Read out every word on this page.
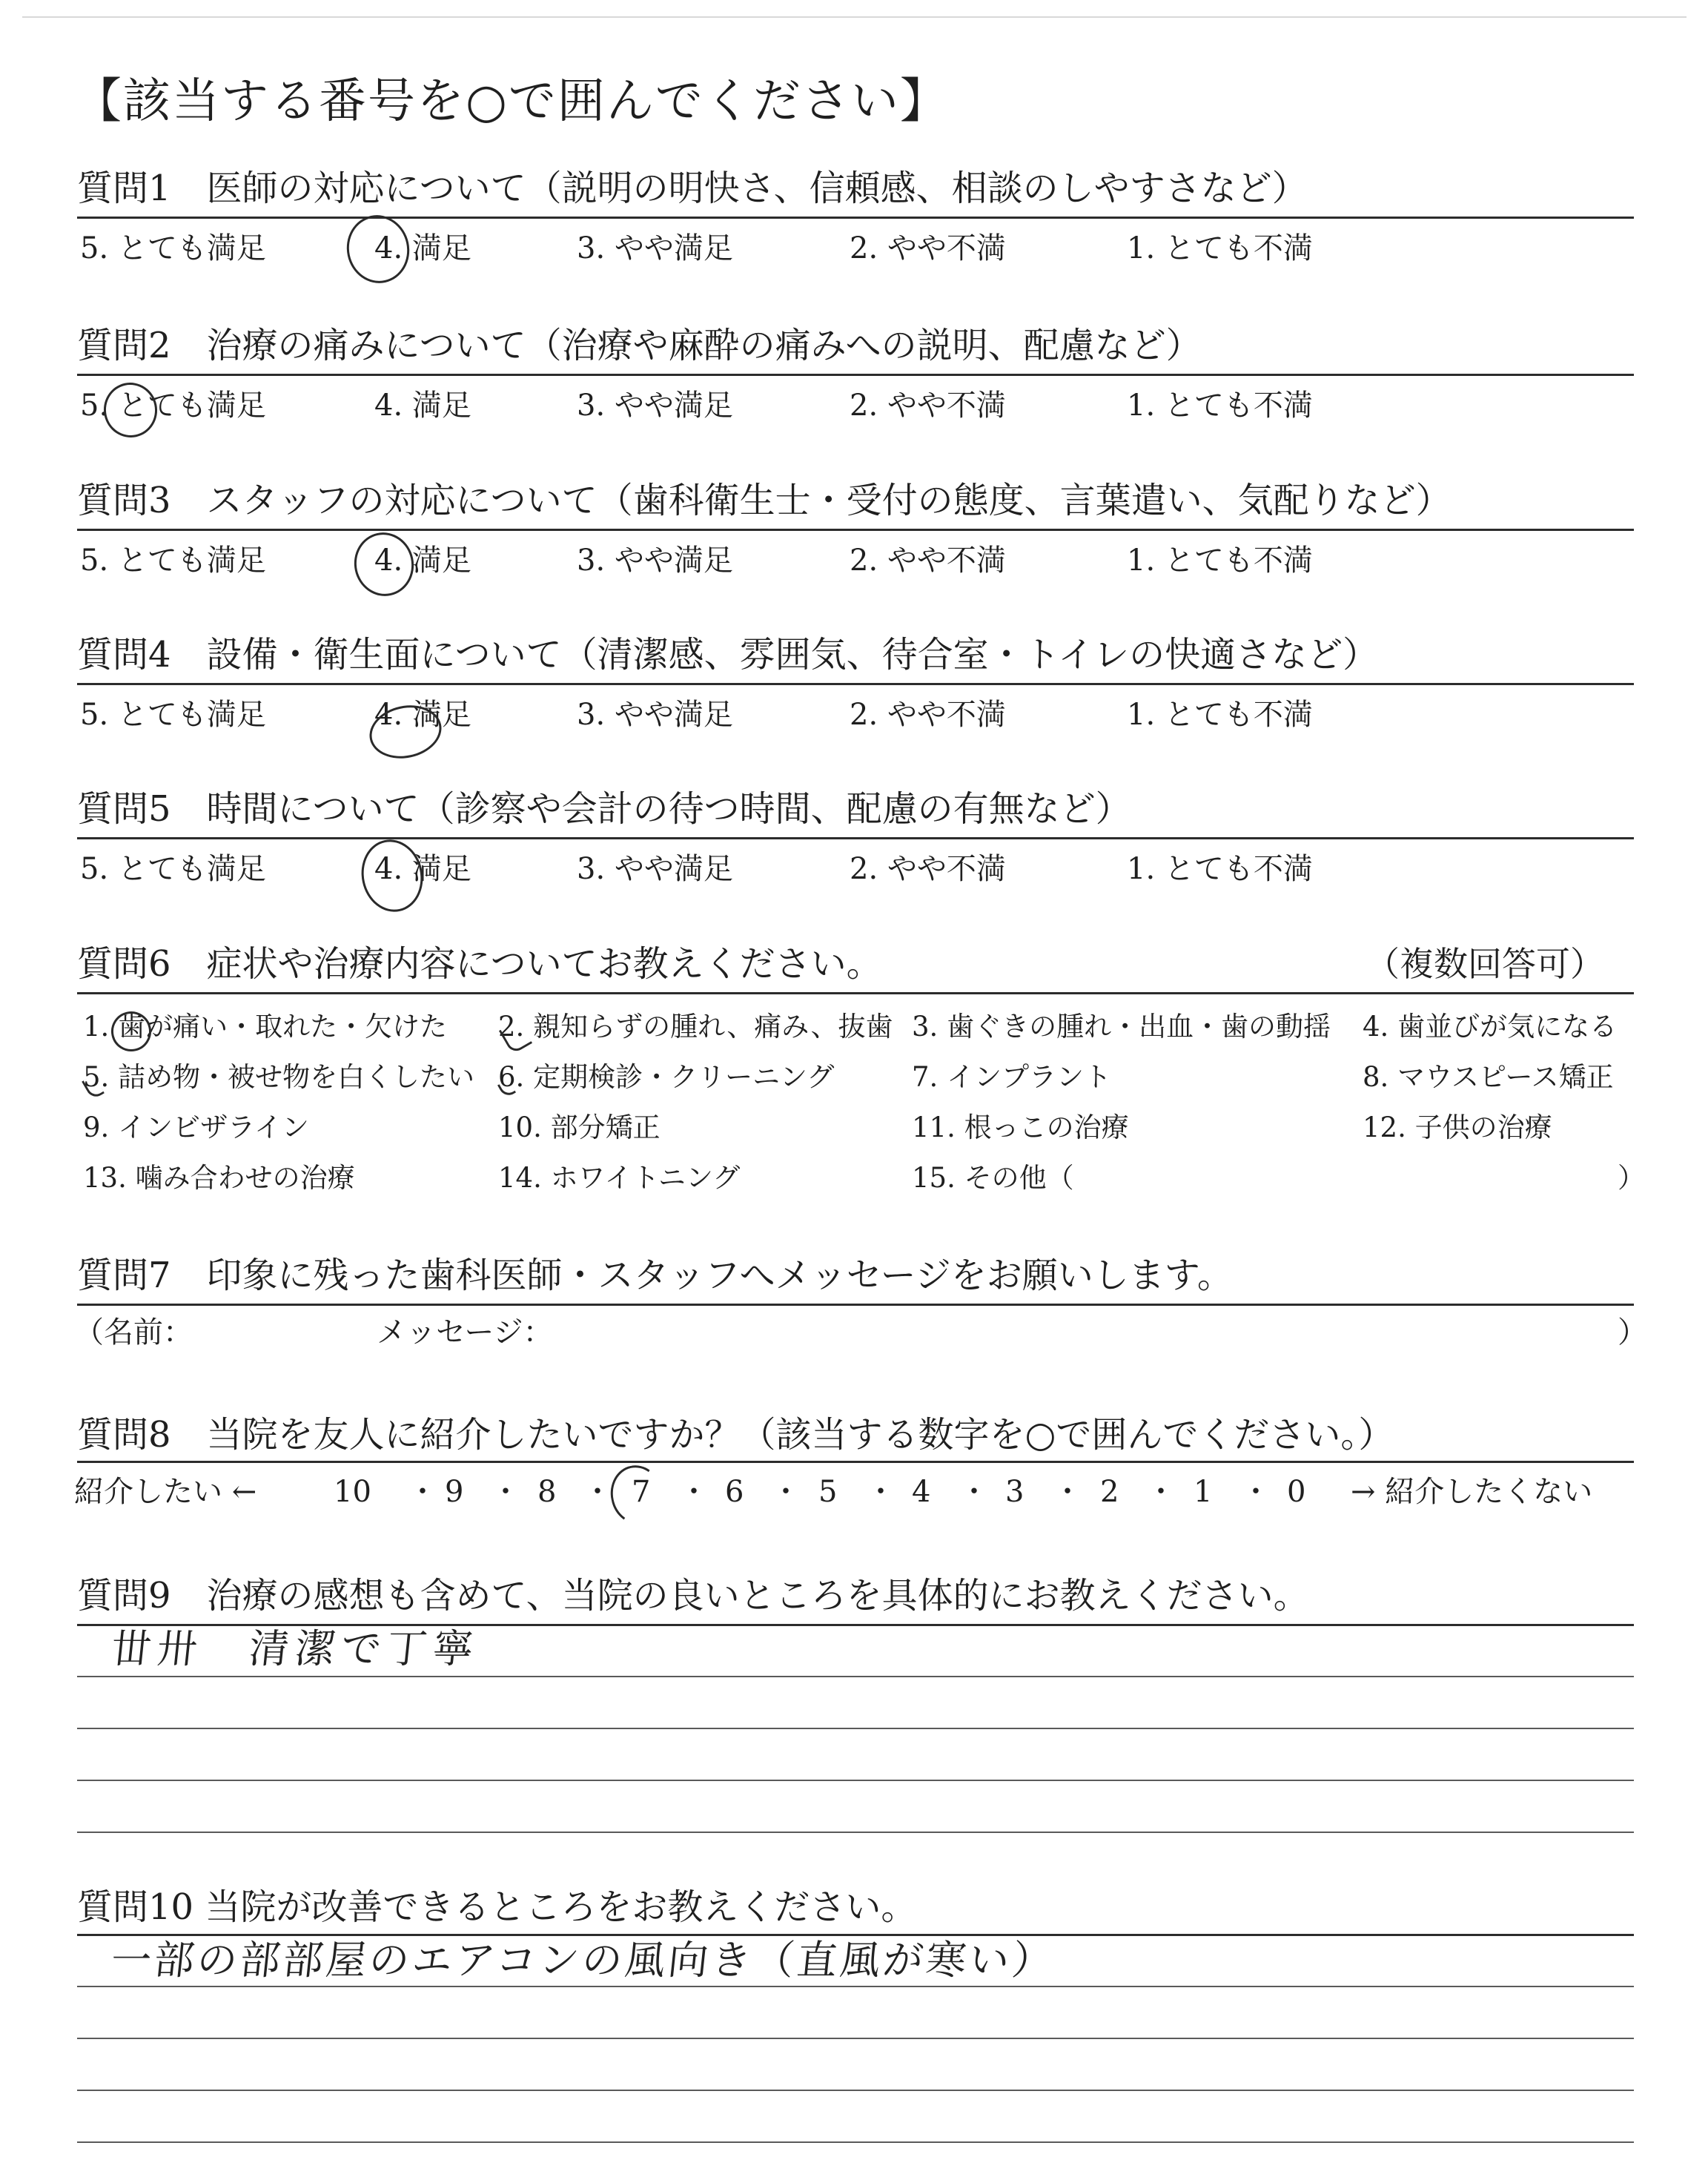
【該当する番号を○で囲んでください】
質問1　医師の対応について（説明の明快さ、信頼感、相談のしやすさなど）
5. とても満足	4. 満足	3. やや満足	2. やや不満	1. とても不満
質問2　治療の痛みについて（治療や麻酔の痛みへの説明、配慮など）
5. とても満足	4. 満足	3. やや満足	2. やや不満	1. とても不満
質問3　スタッフの対応について（歯科衛生士・受付の態度、言葉遣い、気配りなど）
5. とても満足	4. 満足	3. やや満足	2. やや不満	1. とても不満
質問4　設備・衛生面について（清潔感、雰囲気、待合室・トイレの快適さなど）
5. とても満足	4. 満足	3. やや満足	2. やや不満	1. とても不満
質問5　時間について（診察や会計の待つ時間、配慮の有無など）
5. とても満足	4. 満足	3. やや満足	2. やや不満	1. とても不満
質問6　症状や治療内容についてお教えください。	（複数回答可）
1. 歯が痛い・取れた・欠けた 2. 親知らずの腫れ、痛み、抜歯 3. 歯ぐきの腫れ・出血・歯の動揺 4. 歯並びが気になる
5. 詰め物・被せ物を白くしたい 6. 定期検診・クリーニング	7. インプラント	8. マウスピース矯正
9. インビザライン	10. 部分矯正	11. 根っこの治療	12. 子供の治療
13. 噛み合わせの治療	14. ホワイトニング	15. その他（	）
質問7　印象に残った歯科医師・スタッフへメッセージをお願いします。
（名前：	メッセージ：	）
質問8　当院を友人に紹介したいですか？（該当する数字を○で囲んでください。）
紹介したい ←	→ 紹介したくない
10 ・ 9 ・ 8 ・ 7 ・ 6 ・ 5 ・ 4 ・ 3 ・ 2 ・ 1 ・ 0
質問9　治療の感想も含めて、当院の良いところを具体的にお教えください。
丗卅　清潔で丁寧
質問10 当院が改善できるところをお教えください。
一部の部部屋のエアコンの風向き（直風が寒い）
